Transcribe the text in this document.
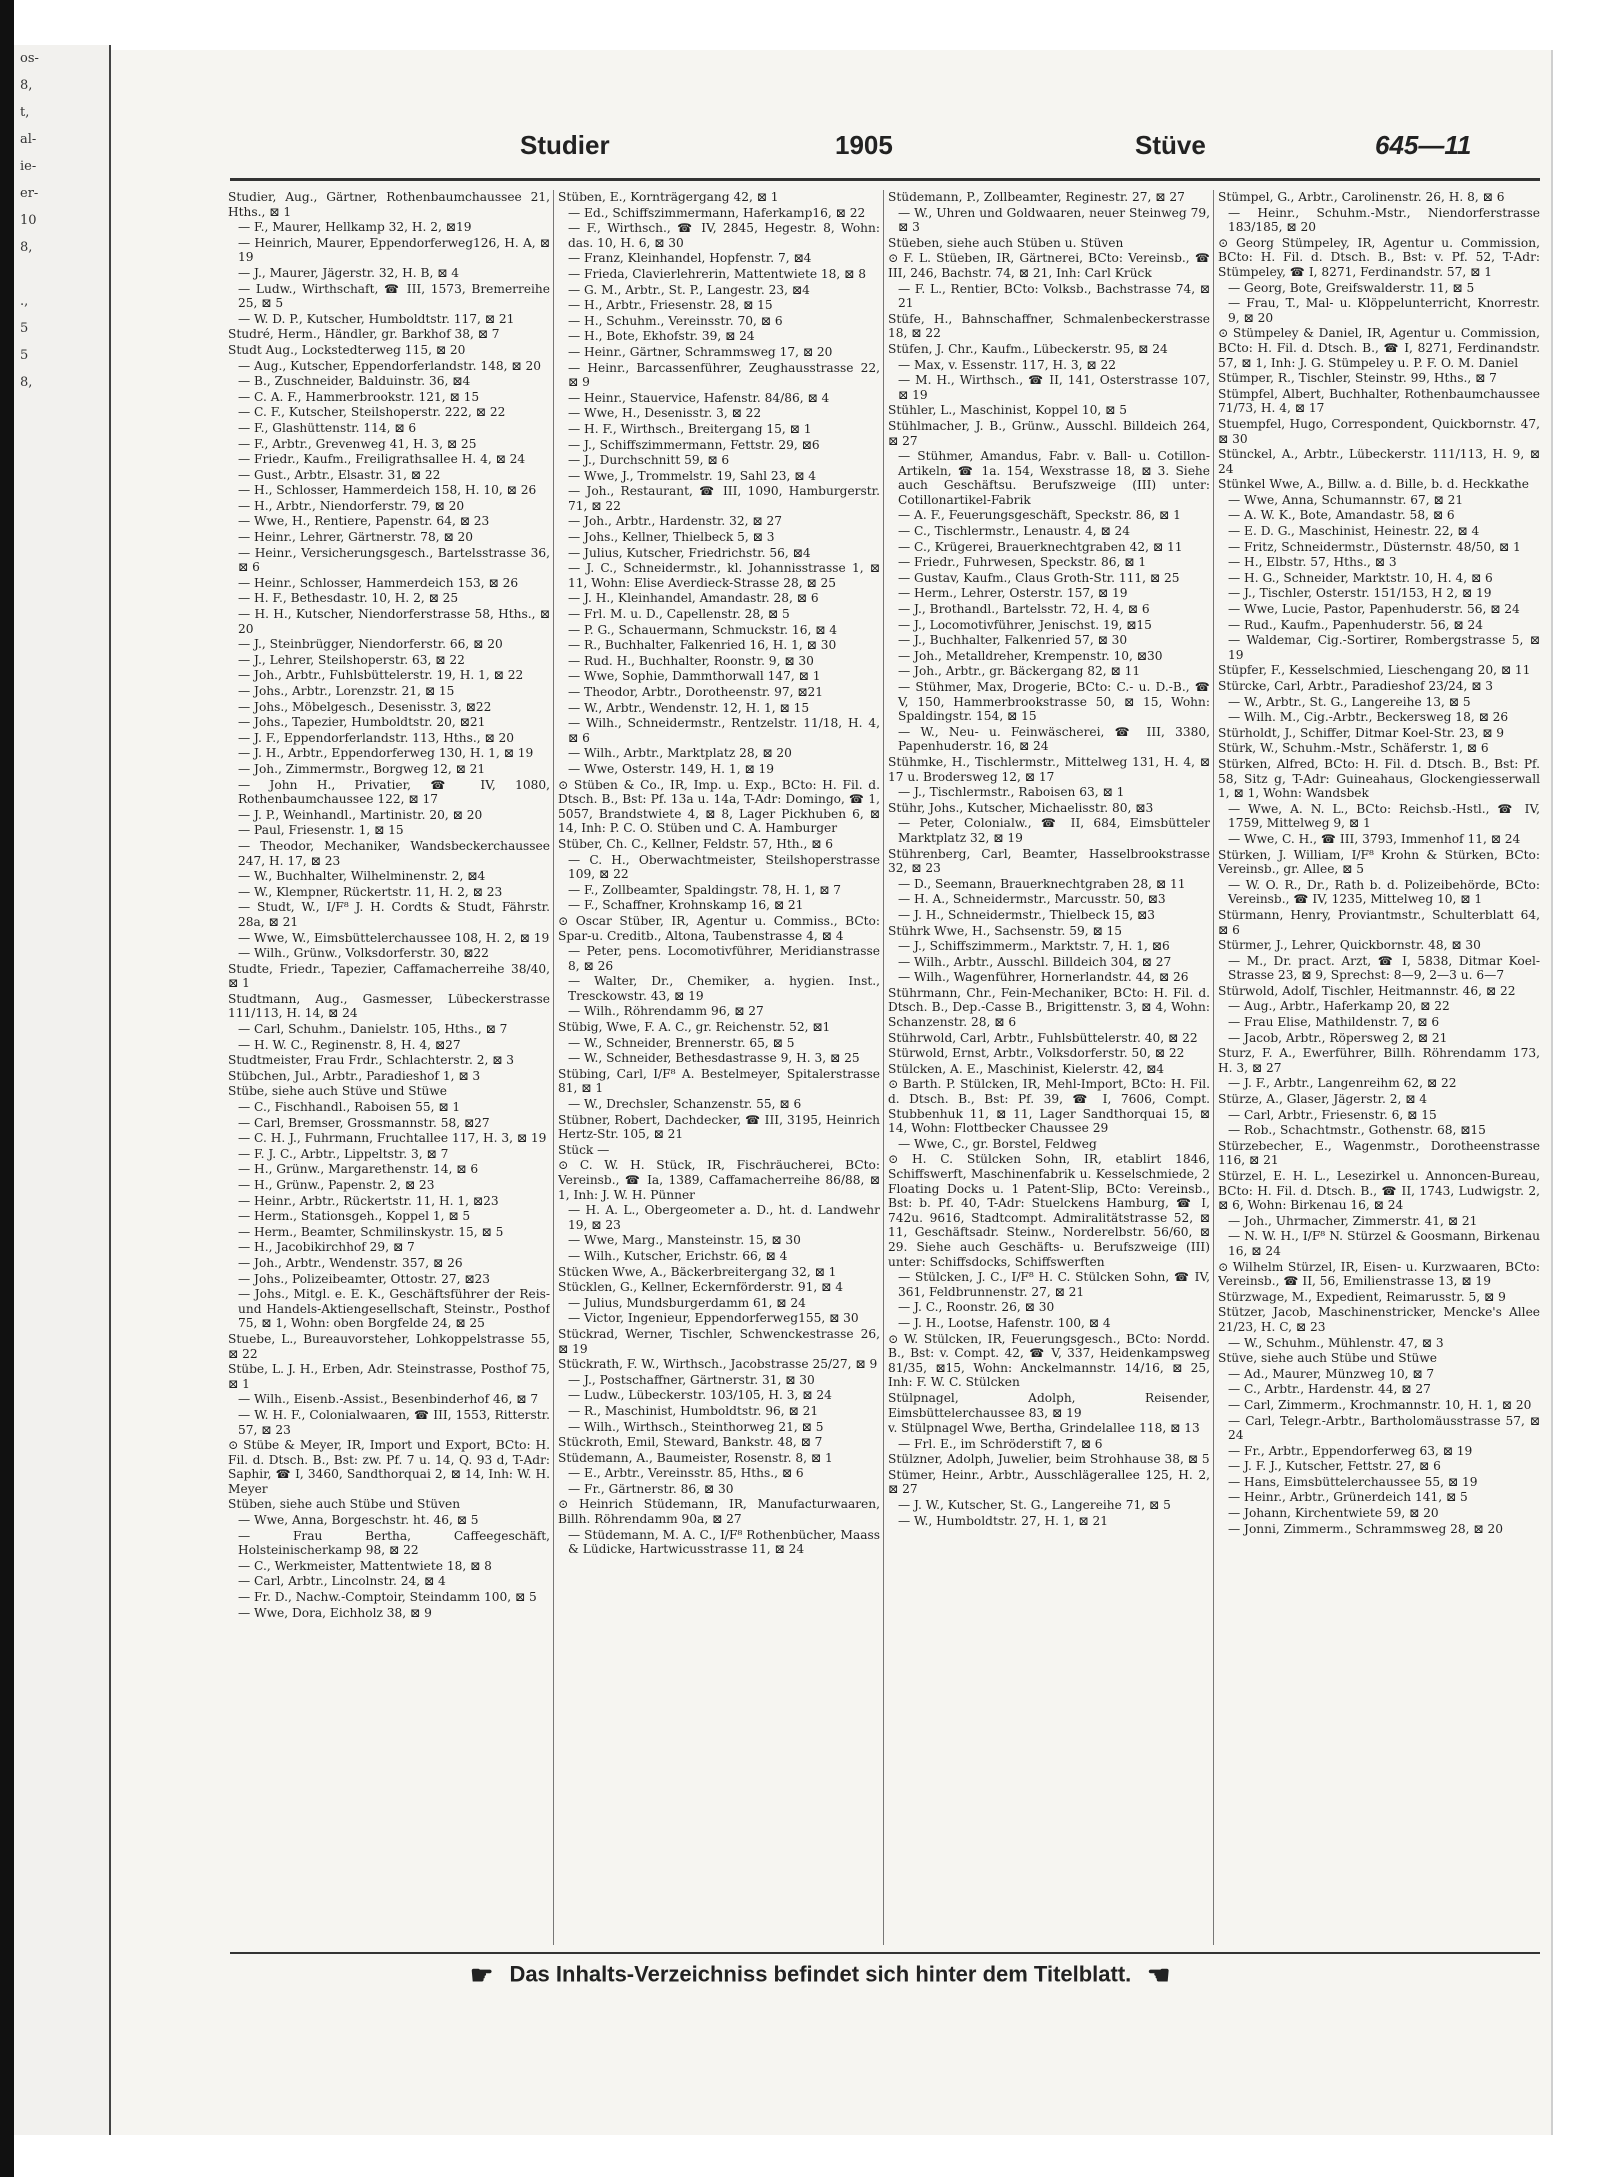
os-
8,
t,
al-
ie-
er-
10
8,

.,
5
5
8,

Studier	1905	Stüve	645—11
Studier, Aug., Gärtner, Rothenbaumchaussee 21, Hths., ⊠ 1
— F., Maurer, Hellkamp 32, H. 2, ⊠19
— Heinrich, Maurer, Eppendorferweg126, H. A, ⊠ 19
— J., Maurer, Jägerstr. 32, H. B, ⊠ 4
— Ludw., Wirthschaft, ☎ III, 1573, Bremerreihe 25, ⊠ 5
— W. D. P., Kutscher, Humboldtstr. 117, ⊠ 21
Studré, Herm., Händler, gr. Barkhof 38, ⊠ 7
Studt Aug., Lockstedterweg 115, ⊠ 20
— Aug., Kutscher, Eppendorferlandstr. 148, ⊠ 20
— B., Zuschneider, Balduinstr. 36, ⊠4
— C. A. F., Hammerbrookstr. 121, ⊠ 15
— C. F., Kutscher, Steilshoperstr. 222, ⊠ 22
— F., Glashüttenstr. 114, ⊠ 6
— F., Arbtr., Grevenweg 41, H. 3, ⊠ 25
— Friedr., Kaufm., Freiligrathsallee H. 4, ⊠ 24
— Gust., Arbtr., Elsastr. 31, ⊠ 22
— H., Schlosser, Hammerdeich 158, H. 10, ⊠ 26
— H., Arbtr., Niendorferstr. 79, ⊠ 20
— Wwe, H., Rentiere, Papenstr. 64, ⊠ 23
— Heinr., Lehrer, Gärtnerstr. 78, ⊠ 20
— Heinr., Versicherungsgesch., Bartelsstrasse 36, ⊠ 6
— Heinr., Schlosser, Hammerdeich 153, ⊠ 26
— H. F., Bethesdastr. 10, H. 2, ⊠ 25
— H. H., Kutscher, Niendorferstrasse 58, Hths., ⊠ 20
— J., Steinbrügger, Niendorferstr. 66, ⊠ 20
— J., Lehrer, Steilshoperstr. 63, ⊠ 22
— Joh., Arbtr., Fuhlsbüttelerstr. 19, H. 1, ⊠ 22
— Johs., Arbtr., Lorenzstr. 21, ⊠ 15
— Johs., Möbelgesch., Desenisstr. 3, ⊠22
— Johs., Tapezier, Humboldtstr. 20, ⊠21
— J. F., Eppendorferlandstr. 113, Hths., ⊠ 20
— J. H., Arbtr., Eppendorferweg 130, H. 1, ⊠ 19
— Joh., Zimmermstr., Borgweg 12, ⊠ 21
— John H., Privatier, ☎ IV, 1080, Rothenbaumchaussee 122, ⊠ 17
— J. P., Weinhandl., Martinistr. 20, ⊠ 20
— Paul, Friesenstr. 1, ⊠ 15
— Theodor, Mechaniker, Wandsbeckerchaussee 247, H. 17, ⊠ 23
— W., Buchhalter, Wilhelminenstr. 2, ⊠4
— W., Klempner, Rückertstr. 11, H. 2, ⊠ 23
— Studt, W., I/F⁸ J. H. Cordts & Studt, Fährstr. 28a, ⊠ 21
— Wwe, W., Eimsbüttelerchaussee 108, H. 2, ⊠ 19
— Wilh., Grünw., Volksdorferstr. 30, ⊠22
Studte, Friedr., Tapezier, Caffamacherreihe 38/40, ⊠ 1
Studtmann, Aug., Gasmesser, Lübeckerstrasse 111/113, H. 14, ⊠ 24
— Carl, Schuhm., Danielstr. 105, Hths., ⊠ 7
— H. W. C., Reginenstr. 8, H. 4, ⊠27
Studtmeister, Frau Frdr., Schlachterstr. 2, ⊠ 3
Stübchen, Jul., Arbtr., Paradieshof 1, ⊠ 3
Stübe, siehe auch Stüve und Stüwe
— C., Fischhandl., Raboisen 55, ⊠ 1
— Carl, Bremser, Grossmannstr. 58, ⊠27
— C. H. J., Fuhrmann, Fruchtallee 117, H. 3, ⊠ 19
— F. J. C., Arbtr., Lippeltstr. 3, ⊠ 7
— H., Grünw., Margarethenstr. 14, ⊠ 6
— H., Grünw., Papenstr. 2, ⊠ 23
— Heinr., Arbtr., Rückertstr. 11, H. 1, ⊠23
— Herm., Stationsgeh., Koppel 1, ⊠ 5
— Herm., Beamter, Schmilinskystr. 15, ⊠ 5
— H., Jacobikirchhof 29, ⊠ 7
— Joh., Arbtr., Wendenstr. 357, ⊠ 26
— Johs., Polizeibeamter, Ottostr. 27, ⊠23
— Johs., Mitgl. e. E. K., Geschäftsführer der Reis- und Handels-Aktiengesellschaft, Steinstr., Posthof 75, ⊠ 1, Wohn: oben Borgfelde 24, ⊠ 25
Stuebe, L., Bureauvorsteher, Lohkoppelstrasse 55, ⊠ 22
Stübe, L. J. H., Erben, Adr. Steinstrasse, Posthof 75, ⊠ 1
— Wilh., Eisenb.-Assist., Besenbinderhof 46, ⊠ 7
— W. H. F., Colonialwaaren, ☎ III, 1553, Ritterstr. 57, ⊠ 23
⊙ Stübe & Meyer, IR, Import und Export, BCto: H. Fil. d. Dtsch. B., Bst: zw. Pf. 7 u. 14, Q. 93 d, T-Adr: Saphir, ☎ I, 3460, Sandthorquai 2, ⊠ 14, Inh: W. H. Meyer
Stüben, siehe auch Stübe und Stüven
— Wwe, Anna, Borgeschstr. ht. 46, ⊠ 5
— Frau Bertha, Caffeegeschäft, Holsteinischerkamp 98, ⊠ 22
— C., Werkmeister, Mattentwiete 18, ⊠ 8
— Carl, Arbtr., Lincolnstr. 24, ⊠ 4
— Fr. D., Nachw.-Comptoir, Steindamm 100, ⊠ 5
— Wwe, Dora, Eichholz 38, ⊠ 9
Stüben, E., Kornträgergang 42, ⊠ 1
— Ed., Schiffszimmermann, Haferkamp16, ⊠ 22
— F., Wirthsch., ☎ IV, 2845, Hegestr. 8, Wohn: das. 10, H. 6, ⊠ 30
— Franz, Kleinhandel, Hopfenstr. 7, ⊠4
— Frieda, Clavierlehrerin, Mattentwiete 18, ⊠ 8
— G. M., Arbtr., St. P., Langestr. 23, ⊠4
— H., Arbtr., Friesenstr. 28, ⊠ 15
— H., Schuhm., Vereinsstr. 70, ⊠ 6
— H., Bote, Ekhofstr. 39, ⊠ 24
— Heinr., Gärtner, Schrammsweg 17, ⊠ 20
— Heinr., Barcassenführer, Zeughausstrasse 22, ⊠ 9
— Heinr., Stauervice, Hafenstr. 84/86, ⊠ 4
— Wwe, H., Desenisstr. 3, ⊠ 22
— H. F., Wirthsch., Breitergang 15, ⊠ 1
— J., Schiffszimmermann, Fettstr. 29, ⊠6
— J., Durchschnitt 59, ⊠ 6
— Wwe, J., Trommelstr. 19, Sahl 23, ⊠ 4
— Joh., Restaurant, ☎ III, 1090, Hamburgerstr. 71, ⊠ 22
— Joh., Arbtr., Hardenstr. 32, ⊠ 27
— Johs., Kellner, Thielbeck 5, ⊠ 3
— Julius, Kutscher, Friedrichstr. 56, ⊠4
— J. C., Schneidermstr., kl. Johannisstrasse 1, ⊠ 11, Wohn: Elise Averdieck-Strasse 28, ⊠ 25
— J. H., Kleinhandel, Amandastr. 28, ⊠ 6
— Frl. M. u. D., Capellenstr. 28, ⊠ 5
— P. G., Schauermann, Schmuckstr. 16, ⊠ 4
— R., Buchhalter, Falkenried 16, H. 1, ⊠ 30
— Rud. H., Buchhalter, Roonstr. 9, ⊠ 30
— Wwe, Sophie, Dammthorwall 147, ⊠ 1
— Theodor, Arbtr., Dorotheenstr. 97, ⊠21
— W., Arbtr., Wendenstr. 12, H. 1, ⊠ 15
— Wilh., Schneidermstr., Rentzelstr. 11/18, H. 4, ⊠ 6
— Wilh., Arbtr., Marktplatz 28, ⊠ 20
— Wwe, Osterstr. 149, H. 1, ⊠ 19
⊙ Stüben & Co., IR, Imp. u. Exp., BCto: H. Fil. d. Dtsch. B., Bst: Pf. 13a u. 14a, T-Adr: Domingo, ☎ 1, 5057, Brandstwiete 4, ⊠ 8, Lager Pickhuben 6, ⊠ 14, Inh: P. C. O. Stüben und C. A. Hamburger
Stüber, Ch. C., Kellner, Feldstr. 57, Hth., ⊠ 6
— C. H., Oberwachtmeister, Steilshoperstrasse 109, ⊠ 22
— F., Zollbeamter, Spaldingstr. 78, H. 1, ⊠ 7
— F., Schaffner, Krohnskamp 16, ⊠ 21
⊙ Oscar Stüber, IR, Agentur u. Commiss., BCto: Spar-u. Creditb., Altona, Taubenstrasse 4, ⊠ 4
— Peter, pens. Locomotivführer, Meridianstrasse 8, ⊠ 26
— Walter, Dr., Chemiker, a. hygien. Inst., Tresckowstr. 43, ⊠ 19
— Wilh., Röhrendamm 96, ⊠ 27
Stübig, Wwe, F. A. C., gr. Reichenstr. 52, ⊠1
— W., Schneider, Brennerstr. 65, ⊠ 5
— W., Schneider, Bethesdastrasse 9, H. 3, ⊠ 25
Stübing, Carl, I/F⁸ A. Bestelmeyer, Spitalerstrasse 81, ⊠ 1
— W., Drechsler, Schanzenstr. 55, ⊠ 6
Stübner, Robert, Dachdecker, ☎ III, 3195, Heinrich Hertz-Str. 105, ⊠ 21
Stück —
⊙ C. W. H. Stück, IR, Fischräucherei, BCto: Vereinsb., ☎ Ia, 1389, Caffamacherreihe 86/88, ⊠ 1, Inh: J. W. H. Pünner
— H. A. L., Obergeometer a. D., ht. d. Landwehr 19, ⊠ 23
— Wwe, Marg., Mansteinstr. 15, ⊠ 30
— Wilh., Kutscher, Erichstr. 66, ⊠ 4
Stücken Wwe, A., Bäckerbreitergang 32, ⊠ 1
Stücklen, G., Kellner, Eckernförderstr. 91, ⊠ 4
— Julius, Mundsburgerdamm 61, ⊠ 24
— Victor, Ingenieur, Eppendorferweg155, ⊠ 30
Stückrad, Werner, Tischler, Schwenckestrasse 26, ⊠ 19
Stückrath, F. W., Wirthsch., Jacobstrasse 25/27, ⊠ 9
— J., Postschaffner, Gärtnerstr. 31, ⊠ 30
— Ludw., Lübeckerstr. 103/105, H. 3, ⊠ 24
— R., Maschinist, Humboldtstr. 96, ⊠ 21
— Wilh., Wirthsch., Steinthorweg 21, ⊠ 5
Stückroth, Emil, Steward, Bankstr. 48, ⊠ 7
Stüdemann, A., Baumeister, Rosenstr. 8, ⊠ 1
— E., Arbtr., Vereinsstr. 85, Hths., ⊠ 6
— Fr., Gärtnerstr. 86, ⊠ 30
⊙ Heinrich Stüdemann, IR, Manufacturwaaren, Billh. Röhrendamm 90a, ⊠ 27
— Stüdemann, M. A. C., I/F⁸ Rothenbücher, Maass & Lüdicke, Hartwicusstrasse 11, ⊠ 24
Stüdemann, P., Zollbeamter, Reginestr. 27, ⊠ 27
— W., Uhren und Goldwaaren, neuer Steinweg 79, ⊠ 3
Stüeben, siehe auch Stüben u. Stüven
⊙ F. L. Stüeben, IR, Gärtnerei, BCto: Vereinsb., ☎ III, 246, Bachstr. 74, ⊠ 21, Inh: Carl Krück
— F. L., Rentier, BCto: Volksb., Bachstrasse 74, ⊠ 21
Stüfe, H., Bahnschaffner, Schmalenbeckerstrasse 18, ⊠ 22
Stüfen, J. Chr., Kaufm., Lübeckerstr. 95, ⊠ 24
— Max, v. Essenstr. 117, H. 3, ⊠ 22
— M. H., Wirthsch., ☎ II, 141, Osterstrasse 107, ⊠ 19
Stühler, L., Maschinist, Koppel 10, ⊠ 5
Stühlmacher, J. B., Grünw., Ausschl. Billdeich 264, ⊠ 27
— Stühmer, Amandus, Fabr. v. Ball- u. Cotillon-Artikeln, ☎ 1a. 154, Wexstrasse 18, ⊠ 3. Siehe auch Geschäftsu. Berufszweige (III) unter: Cotillonartikel-Fabrik
— A. F., Feuerungsgeschäft, Speckstr. 86, ⊠ 1
— C., Tischlermstr., Lenaustr. 4, ⊠ 24
— C., Krügerei, Brauerknechtgraben 42, ⊠ 11
— Friedr., Fuhrwesen, Speckstr. 86, ⊠ 1
— Gustav, Kaufm., Claus Groth-Str. 111, ⊠ 25
— Herm., Lehrer, Osterstr. 157, ⊠ 19
— J., Brothandl., Bartelsstr. 72, H. 4, ⊠ 6
— J., Locomotivführer, Jenischst. 19, ⊠15
— J., Buchhalter, Falkenried 57, ⊠ 30
— Joh., Metalldreher, Krempenstr. 10, ⊠30
— Joh., Arbtr., gr. Bäckergang 82, ⊠ 11
— Stühmer, Max, Drogerie, BCto: C.- u. D.-B., ☎ V, 150, Hammerbrookstrasse 50, ⊠ 15, Wohn: Spaldingstr. 154, ⊠ 15
— W., Neu- u. Feinwäscherei, ☎ III, 3380, Papenhuderstr. 16, ⊠ 24
Stühmke, H., Tischlermstr., Mittelweg 131, H. 4, ⊠ 17 u. Brodersweg 12, ⊠ 17
— J., Tischlermstr., Raboisen 63, ⊠ 1
Stühr, Johs., Kutscher, Michaelisstr. 80, ⊠3
— Peter, Colonialw., ☎ II, 684, Eimsbütteler Marktplatz 32, ⊠ 19
Stührenberg, Carl, Beamter, Hasselbrookstrasse 32, ⊠ 23
— D., Seemann, Brauerknechtgraben 28, ⊠ 11
— H. A., Schneidermstr., Marcusstr. 50, ⊠3
— J. H., Schneidermstr., Thielbeck 15, ⊠3
Stührk Wwe, H., Sachsenstr. 59, ⊠ 15
— J., Schiffszimmerm., Marktstr. 7, H. 1, ⊠6
— Wilh., Arbtr., Ausschl. Billdeich 304, ⊠ 27
— Wilh., Wagenführer, Hornerlandstr. 44, ⊠ 26
Stührmann, Chr., Fein-Mechaniker, BCto: H. Fil. d. Dtsch. B., Dep.-Casse B., Brigittenstr. 3, ⊠ 4, Wohn: Schanzenstr. 28, ⊠ 6
Stührwold, Carl, Arbtr., Fuhlsbüttelerstr. 40, ⊠ 22
Stürwold, Ernst, Arbtr., Volksdorferstr. 50, ⊠ 22
Stülcken, A. E., Maschinist, Kielerstr. 42, ⊠4
⊙ Barth. P. Stülcken, IR, Mehl-Import, BCto: H. Fil. d. Dtsch. B., Bst: Pf. 39, ☎ I, 7606, Compt. Stubbenhuk 11, ⊠ 11, Lager Sandthorquai 15, ⊠ 14, Wohn: Flottbecker Chaussee 29
— Wwe, C., gr. Borstel, Feldweg
⊙ H. C. Stülcken Sohn, IR, etablirt 1846, Schiffswerft, Maschinenfabrik u. Kesselschmiede, 2 Floating Docks u. 1 Patent-Slip, BCto: Vereinsb., Bst: b. Pf. 40, T-Adr: Stuelckens Hamburg, ☎ I, 742u. 9616, Stadtcompt. Admiralitätstrasse 52, ⊠ 11, Geschäftsadr. Steinw., Norderelbstr. 56/60, ⊠ 29. Siehe auch Geschäfts- u. Berufszweige (III) unter: Schiffsdocks, Schiffswerften
— Stülcken, J. C., I/F⁸ H. C. Stülcken Sohn, ☎ IV, 361, Feldbrunnenstr. 27, ⊠ 21
— J. C., Roonstr. 26, ⊠ 30
— J. H., Lootse, Hafenstr. 100, ⊠ 4
⊙ W. Stülcken, IR, Feuerungsgesch., BCto: Nordd. B., Bst: v. Compt. 42, ☎ V, 337, Heidenkampsweg 81/35, ⊠15, Wohn: Anckelmannstr. 14/16, ⊠ 25, Inh: F. W. C. Stülcken
Stülpnagel, Adolph, Reisender, Eimsbüttelerchaussee 83, ⊠ 19
v. Stülpnagel Wwe, Bertha, Grindelallee 118, ⊠ 13
— Frl. E., im Schröderstift 7, ⊠ 6
Stülzner, Adolph, Juwelier, beim Strohhause 38, ⊠ 5
Stümer, Heinr., Arbtr., Ausschlägerallee 125, H. 2, ⊠ 27
— J. W., Kutscher, St. G., Langereihe 71, ⊠ 5
— W., Humboldtstr. 27, H. 1, ⊠ 21
Stümpel, G., Arbtr., Carolinenstr. 26, H. 8, ⊠ 6
— Heinr., Schuhm.-Mstr., Niendorferstrasse 183/185, ⊠ 20
⊙ Georg Stümpeley, IR, Agentur u. Commission, BCto: H. Fil. d. Dtsch. B., Bst: v. Pf. 52, T-Adr: Stümpeley, ☎ I, 8271, Ferdinandstr. 57, ⊠ 1
— Georg, Bote, Greifswalderstr. 11, ⊠ 5
— Frau, T., Mal- u. Klöppelunterricht, Knorrestr. 9, ⊠ 20
⊙ Stümpeley & Daniel, IR, Agentur u. Commission, BCto: H. Fil. d. Dtsch. B., ☎ I, 8271, Ferdinandstr. 57, ⊠ 1, Inh: J. G. Stümpeley u. P. F. O. M. Daniel
Stümper, R., Tischler, Steinstr. 99, Hths., ⊠ 7
Stümpfel, Albert, Buchhalter, Rothenbaumchaussee 71/73, H. 4, ⊠ 17
Stuempfel, Hugo, Correspondent, Quickbornstr. 47, ⊠ 30
Stünckel, A., Arbtr., Lübeckerstr. 111/113, H. 9, ⊠ 24
Stünkel Wwe, A., Billw. a. d. Bille, b. d. Heckkathe
— Wwe, Anna, Schumannstr. 67, ⊠ 21
— A. W. K., Bote, Amandastr. 58, ⊠ 6
— E. D. G., Maschinist, Heinestr. 22, ⊠ 4
— Fritz, Schneidermstr., Düsternstr. 48/50, ⊠ 1
— H., Elbstr. 57, Hths., ⊠ 3
— H. G., Schneider, Marktstr. 10, H. 4, ⊠ 6
— J., Tischler, Osterstr. 151/153, H 2, ⊠ 19
— Wwe, Lucie, Pastor, Papenhuderstr. 56, ⊠ 24
— Rud., Kaufm., Papenhuderstr. 56, ⊠ 24
— Waldemar, Cig.-Sortirer, Rombergstrasse 5, ⊠ 19
Stüpfer, F., Kesselschmied, Lieschengang 20, ⊠ 11
Stürcke, Carl, Arbtr., Paradieshof 23/24, ⊠ 3
— W., Arbtr., St. G., Langereihe 13, ⊠ 5
— Wilh. M., Cig.-Arbtr., Beckersweg 18, ⊠ 26
Stürholdt, J., Schiffer, Ditmar Koel-Str. 23, ⊠ 9
Stürk, W., Schuhm.-Mstr., Schäferstr. 1, ⊠ 6
Stürken, Alfred, BCto: H. Fil. d. Dtsch. B., Bst: Pf. 58, Sitz g, T-Adr: Guineahaus, Glockengiesserwall 1, ⊠ 1, Wohn: Wandsbek
— Wwe, A. N. L., BCto: Reichsb.-Hstl., ☎ IV, 1759, Mittelweg 9, ⊠ 1
— Wwe, C. H., ☎ III, 3793, Immenhof 11, ⊠ 24
Stürken, J. William, I/F⁸ Krohn & Stürken, BCto: Vereinsb., gr. Allee, ⊠ 5
— W. O. R., Dr., Rath b. d. Polizeibehörde, BCto: Vereinsb., ☎ IV, 1235, Mittelweg 10, ⊠ 1
Stürmann, Henry, Proviantmstr., Schulterblatt 64, ⊠ 6
Stürmer, J., Lehrer, Quickbornstr. 48, ⊠ 30
— M., Dr. pract. Arzt, ☎ I, 5838, Ditmar Koel-Strasse 23, ⊠ 9, Sprechst: 8—9, 2—3 u. 6—7
Stürwold, Adolf, Tischler, Heitmannstr. 46, ⊠ 22
— Aug., Arbtr., Haferkamp 20, ⊠ 22
— Frau Elise, Mathildenstr. 7, ⊠ 6
— Jacob, Arbtr., Röpersweg 2, ⊠ 21
Sturz, F. A., Ewerführer, Billh. Röhrendamm 173, H. 3, ⊠ 27
— J. F., Arbtr., Langenreihm 62, ⊠ 22
Stürze, A., Glaser, Jägerstr. 2, ⊠ 4
— Carl, Arbtr., Friesenstr. 6, ⊠ 15
— Rob., Schachtmstr., Gothenstr. 68, ⊠15
Stürzebecher, E., Wagenmstr., Dorotheenstrasse 116, ⊠ 21
Stürzel, E. H. L., Lesezirkel u. Annoncen-Bureau, BCto: H. Fil. d. Dtsch. B., ☎ II, 1743, Ludwigstr. 2, ⊠ 6, Wohn: Birkenau 16, ⊠ 24
— Joh., Uhrmacher, Zimmerstr. 41, ⊠ 21
— N. W. H., I/F⁸ N. Stürzel & Goosmann, Birkenau 16, ⊠ 24
⊙ Wilhelm Stürzel, IR, Eisen- u. Kurzwaaren, BCto: Vereinsb., ☎ II, 56, Emilienstrasse 13, ⊠ 19
Stürzwage, M., Expedient, Reimarusstr. 5, ⊠ 9
Stützer, Jacob, Maschinenstricker, Mencke's Allee 21/23, H. C, ⊠ 23
— W., Schuhm., Mühlenstr. 47, ⊠ 3
Stüve, siehe auch Stübe und Stüwe
— Ad., Maurer, Münzweg 10, ⊠ 7
— C., Arbtr., Hardenstr. 44, ⊠ 27
— Carl, Zimmerm., Krochmannstr. 10, H. 1, ⊠ 20
— Carl, Telegr.-Arbtr., Bartholomäusstrasse 57, ⊠ 24
— Fr., Arbtr., Eppendorferweg 63, ⊠ 19
— J. F. J., Kutscher, Fettstr. 27, ⊠ 6
— Hans, Eimsbüttelerchaussee 55, ⊠ 19
— Heinr., Arbtr., Grünerdeich 141, ⊠ 5
— Johann, Kirchentwiete 59, ⊠ 20
— Jonni, Zimmerm., Schrammsweg 28, ⊠ 20
☛ Das Inhalts-Verzeichniss befindet sich hinter dem Titelblatt. ☛
